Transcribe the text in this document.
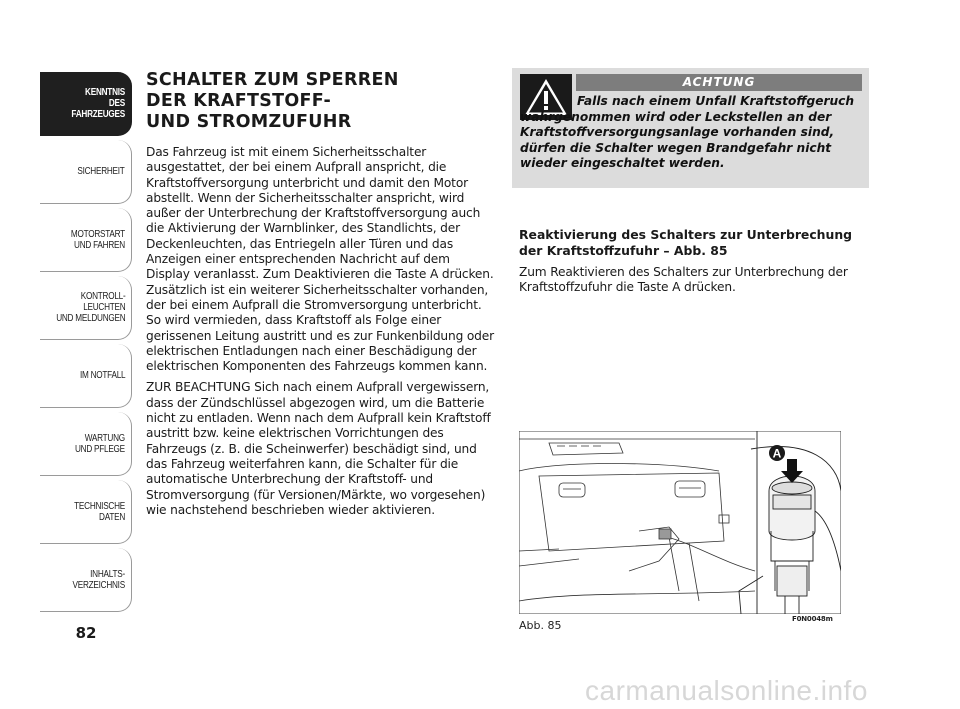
KENNTNIS
DES FAHRZEUGES
SICHERHEIT
MOTORSTART
UND FAHREN
KONTROLL-
LEUCHTEN
UND MELDUNGEN
IM NOTFALL
WARTUNG
UND PFLEGE
TECHNISCHE
DATEN
INHALTS-
VERZEICHNIS
82
SCHALTER ZUM SPERREN
DER KRAFTSTOFF-
UND STROMZUFUHR

Das Fahrzeug ist mit einem Sicherheitsschalter ausgestattet, der bei einem Aufprall anspricht, die Kraftstoffversorgung unterbricht und damit den Motor abstellt. Wenn der Sicherheitsschalter anspricht, wird außer der Unterbrechung der Kraftstoffversorgung auch die Aktivierung der Warnblinker, des Standlichts, der Deckenleuchten, das Entriegeln aller Türen und das Anzeigen einer entsprechenden Nachricht auf dem Display veranlasst. Zum Deaktivieren die Taste A drücken. Zusätzlich ist ein weiterer Sicherheitsschalter vorhanden, der bei einem Aufprall die Stromversorgung unterbricht. So wird vermieden, dass Kraftstoff als Folge einer gerissenen Leitung austritt und es zur Funkenbildung oder elektrischen Entladungen nach einer Beschädigung der elektrischen Komponenten des Fahrzeugs kommen kann.

ZUR BEACHTUNG Sich nach einem Aufprall vergewissern, dass der Zündschlüssel abgezogen wird, um die Batterie nicht zu entladen. Wenn nach dem Aufprall kein Kraftstoff austritt bzw. keine elektrischen Vorrichtungen des Fahrzeugs (z. B. die Scheinwerfer) beschädigt sind, und das Fahrzeug weiterfahren kann, die Schalter für die automatische Unterbrechung der Kraftstoff- und Stromversorgung (für Versionen/Märkte, wo vorgesehen) wie nachstehend beschrieben wieder aktivieren.

ACHTUNG
Falls nach einem Unfall Kraftstoffgeruch wahrgenommen wird oder Leckstellen an der Kraftstoffversorgungsanlage vorhanden sind, dürfen die Schalter wegen Brandgefahr nicht wieder eingeschaltet werden.

Reaktivierung des Schalters zur Unterbrechung der Kraftstoffzufuhr – Abb. 85

Zum Reaktivieren des Schalters zur Unterbrechung der Kraftstoffzufuhr die Taste A drücken.

A
Abb. 85	F0N0048m
carmanualsonline.info
